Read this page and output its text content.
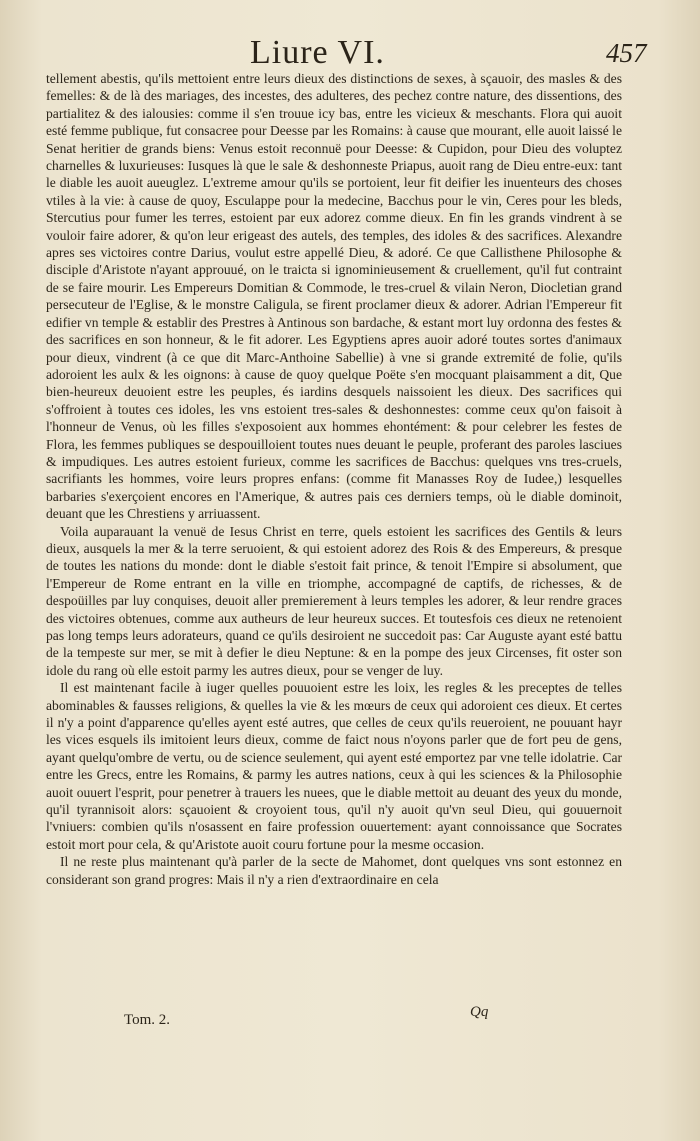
Liure VI.	457

tellement abestis, qu'ils mettoient entre leurs dieux des distinctions de sexes, à sçauoir, des masles & des femelles: & de là des mariages, des incestes, des adulteres, des pechez contre nature, des dissentions, des partialitez & des ialousies: comme il s'en trouue icy bas, entre les vicieux & meschants. Flora qui auoit esté femme publique, fut consacree pour Deesse par les Romains: à cause que mourant, elle auoit laissé le Senat heritier de grands biens: Venus estoit reconnuë pour Deesse: & Cupidon, pour Dieu des voluptez charnelles & luxurieuses: Iusques là que le sale & deshonneste Priapus, auoit rang de Dieu entre-eux: tant le diable les auoit aueuglez. L'extreme amour qu'ils se portoient, leur fit deifier les inuenteurs des choses vtiles à la vie: à cause de quoy, Esculappe pour la medecine, Bacchus pour le vin, Ceres pour les bleds, Stercutius pour fumer les terres, estoient par eux adorez comme dieux. En fin les grands vindrent à se vouloir faire adorer, & qu'on leur erigeast des autels, des temples, des idoles & des sacrifices. Alexandre apres ses victoires contre Darius, voulut estre appellé Dieu, & adoré. Ce que Callisthene Philosophe & disciple d'Aristote n'ayant approuué, on le traicta si ignominieusement & cruellement, qu'il fut contraint de se faire mourir. Les Empereurs Domitian & Commode, le tres-cruel & vilain Neron, Diocletian grand persecuteur de l'Eglise, & le monstre Caligula, se firent proclamer dieux & adorer. Adrian l'Empereur fit edifier vn temple & establir des Prestres à Antinous son bardache, & estant mort luy ordonna des festes & des sacrifices en son honneur, & le fit adorer. Les Egyptiens apres auoir adoré toutes sortes d'animaux pour dieux, vindrent (à ce que dit Marc-Anthoine Sabellie) à vne si grande extremité de folie, qu'ils adoroient les aulx & les oignons: à cause de quoy quelque Poëte s'en mocquant plaisamment a dit, Que bien-heureux deuoient estre les peuples, és iardins desquels naissoient les dieux. Des sacrifices qui s'offroient à toutes ces idoles, les vns estoient tres-sales & deshonnestes: comme ceux qu'on faisoit à l'honneur de Venus, où les filles s'exposoient aux hommes ehontément: & pour celebrer les festes de Flora, les femmes publiques se despouilloient toutes nues deuant le peuple, proferant des paroles lasciues & impudiques. Les autres estoient furieux, comme les sacrifices de Bacchus: quelques vns tres-cruels, sacrifiants les hommes, voire leurs propres enfans: (comme fit Manasses Roy de Iudee,) lesquelles barbaries s'exerçoient encores en l'Amerique, & autres pais ces derniers temps, où le diable dominoit, deuant que les Chrestiens y arriuassent.

Voila auparauant la venuë de Iesus Christ en terre, quels estoient les sacrifices des Gentils & leurs dieux, ausquels la mer & la terre seruoient, & qui estoient adorez des Rois & des Empereurs, & presque de toutes les nations du monde: dont le diable s'estoit fait prince, & tenoit l'Empire si absolument, que l'Empereur de Rome entrant en la ville en triomphe, accompagné de captifs, de richesses, & de despoüilles par luy conquises, deuoit aller premierement à leurs temples les adorer, & leur rendre graces des victoires obtenues, comme aux autheurs de leur heureux succes. Et toutesfois ces dieux ne retenoient pas long temps leurs adorateurs, quand ce qu'ils desiroient ne succedoit pas: Car Auguste ayant esté battu de la tempeste sur mer, se mit à defier le dieu Neptune: & en la pompe des jeux Circenses, fit oster son idole du rang où elle estoit parmy les autres dieux, pour se venger de luy.

Il est maintenant facile à iuger quelles pouuoient estre les loix, les regles & les preceptes de telles abominables & fausses religions, & quelles la vie & les mœurs de ceux qui adoroient ces dieux. Et certes il n'y a point d'apparence qu'elles ayent esté autres, que celles de ceux qu'ils reueroient, ne pouuant hayr les vices esquels ils imitoient leurs dieux, comme de faict nous n'oyons parler que de fort peu de gens, ayant quelqu'ombre de vertu, ou de science seulement, qui ayent esté emportez par vne telle idolatrie. Car entre les Grecs, entre les Romains, & parmy les autres nations, ceux à qui les sciences & la Philosophie auoit ouuert l'esprit, pour penetrer à trauers les nuees, que le diable mettoit au deuant des yeux du monde, qu'il tyrannisoit alors: sçauoient & croyoient tous, qu'il n'y auoit qu'vn seul Dieu, qui gouuernoit l'vniuers: combien qu'ils n'osassent en faire profession ouuertement: ayant connoissance que Socrates estoit mort pour cela, & qu'Aristote auoit couru fortune pour la mesme occasion.

Il ne reste plus maintenant qu'à parler de la secte de Mahomet, dont quelques vns sont estonnez en considerant son grand progres: Mais il n'y a rien d'extraordinaire en cela

Tom. 2.	Qq
